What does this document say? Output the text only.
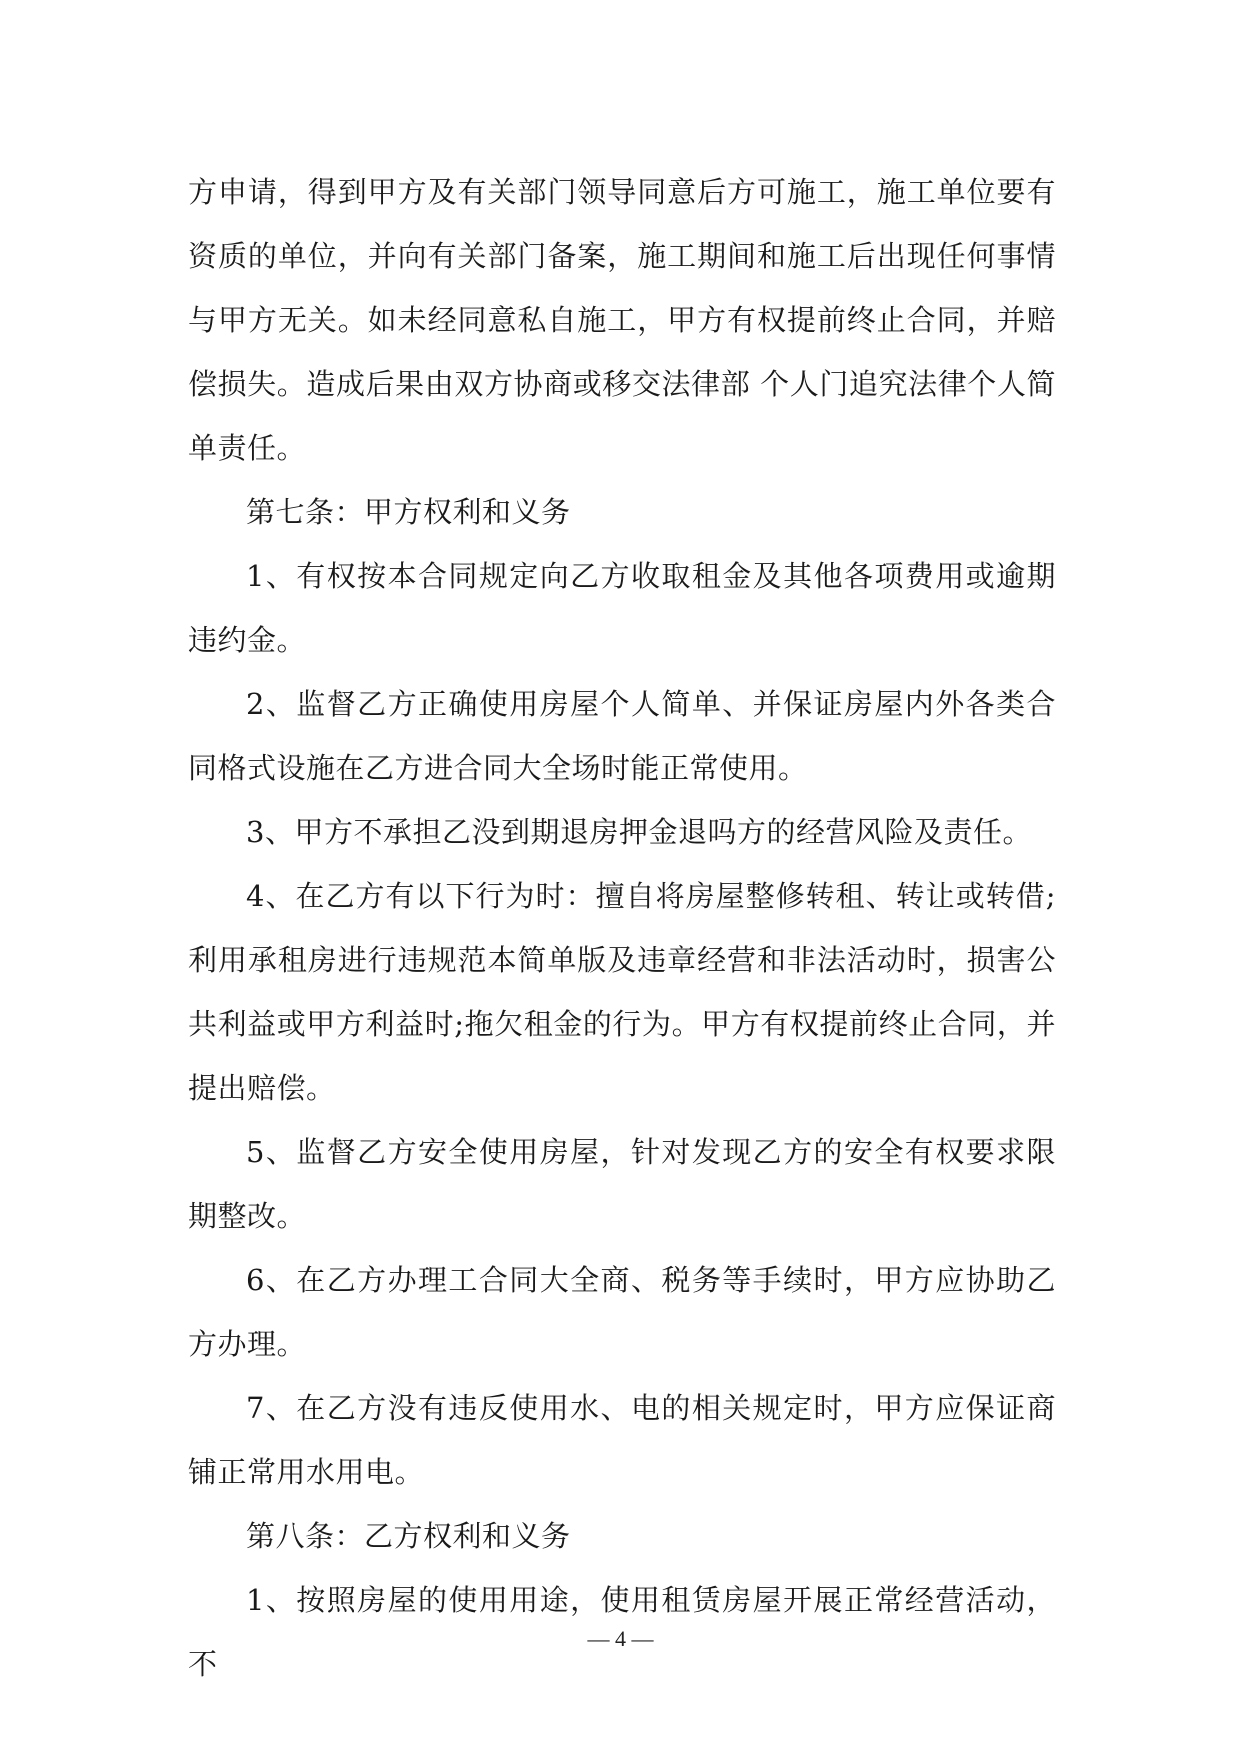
方申请，得到甲方及有关部门领导同意后方可施工，施工单位要有资质的单位，并向有关部门备案，施工期间和施工后出现任何事情与甲方无关。如未经同意私自施工，甲方有权提前终止合同，并赔偿损失。造成后果由双方协商或移交法律部 个人门追究法律个人简单责任。

第七条：甲方权利和义务

1、有权按本合同规定向乙方收取租金及其他各项费用或逾期违约金。

2、监督乙方正确使用房屋个人简单、并保证房屋内外各类合同格式设施在乙方进合同大全场时能正常使用。

3、甲方不承担乙没到期退房押金退吗方的经营风险及责任。

4、在乙方有以下行为时：擅自将房屋整修转租、转让或转借;利用承租房进行违规范本简单版及违章经营和非法活动时，损害公共利益或甲方利益时;拖欠租金的行为。甲方有权提前终止合同，并提出赔偿。

5、监督乙方安全使用房屋，针对发现乙方的安全有权要求限期整改。

6、在乙方办理工合同大全商、税务等手续时，甲方应协助乙方办理。

7、在乙方没有违反使用水、电的相关规定时，甲方应保证商铺正常用水用电。

第八条：乙方权利和义务

1、按照房屋的使用用途，使用租赁房屋开展正常经营活动，不

— 4 —
